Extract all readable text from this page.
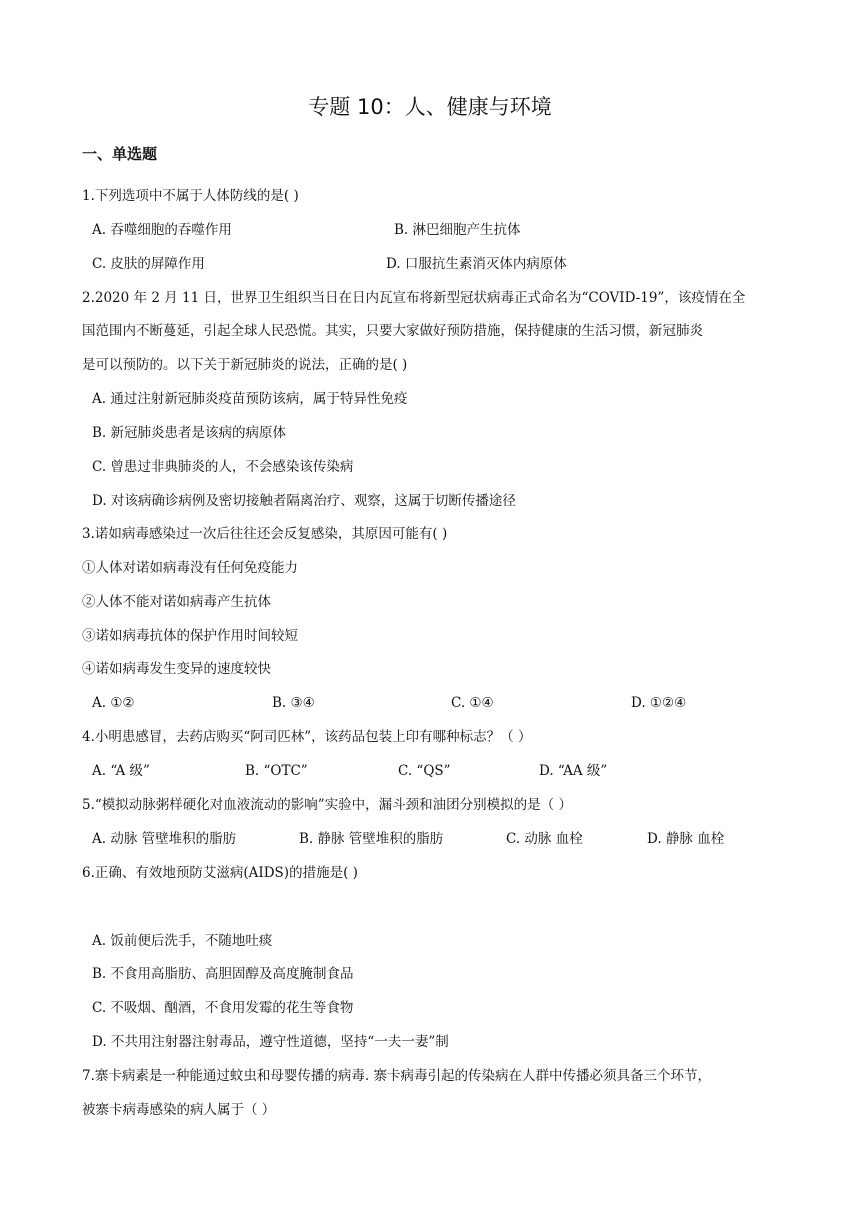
专题 10：人、健康与环境
一、单选题
1.下列选项中不属于人体防线的是( )
A. 吞噬细胞的吞噬作用	B. 淋巴细胞产生抗体
C. 皮肤的屏障作用	D. 口服抗生素消灭体内病原体
2.2020 年 2 月 11 日，世界卫生组织当日在日内瓦宣布将新型冠状病毒正式命名为“COVID-19”，该疫情在全
国范围内不断蔓延，引起全球人民恐慌。其实，只要大家做好预防措施，保持健康的生活习惯，新冠肺炎
是可以预防的。以下关于新冠肺炎的说法，正确的是( )
A. 通过注射新冠肺炎疫苗预防该病，属于特异性免疫
B. 新冠肺炎患者是该病的病原体
C. 曾患过非典肺炎的人，不会感染该传染病
D. 对该病确诊病例及密切接触者隔离治疗、观察，这属于切断传播途径
3.诺如病毒感染过一次后往往还会反复感染，其原因可能有( )
①人体对诺如病毒没有任何免疫能力
②人体不能对诺如病毒产生抗体
③诺如病毒抗体的保护作用时间较短
④诺如病毒发生变异的速度较快
A. ①②	B. ③④	C. ①④	D. ①②④
4.小明患感冒，去药店购买“阿司匹林”，该药品包装上印有哪种标志？（ ）
A. “A 级”	B. “OTC”	C. “QS”	D. “AA 级”
5.“模拟动脉粥样硬化对血液流动的影响”实验中，漏斗颈和油团分别模拟的是（ ）
A. 动脉 管壁堆积的脂肪	B. 静脉 管壁堆积的脂肪	C. 动脉 血栓	D. 静脉 血栓
6.正确、有效地预防艾滋病(AIDS)的措施是( )
A. 饭前便后洗手，不随地吐痰
B. 不食用高脂肪、高胆固醇及高度腌制食品
C. 不吸烟、酗酒，不食用发霉的花生等食物
D. 不共用注射器注射毒品，遵守性道德，坚持“一夫一妻”制
7.寨卡病素是一种能通过蚊虫和母婴传播的病毒. 寨卡病毒引起的传染病在人群中传播必须具备三个环节，
被寨卡病毒感染的病人属于（ ）
